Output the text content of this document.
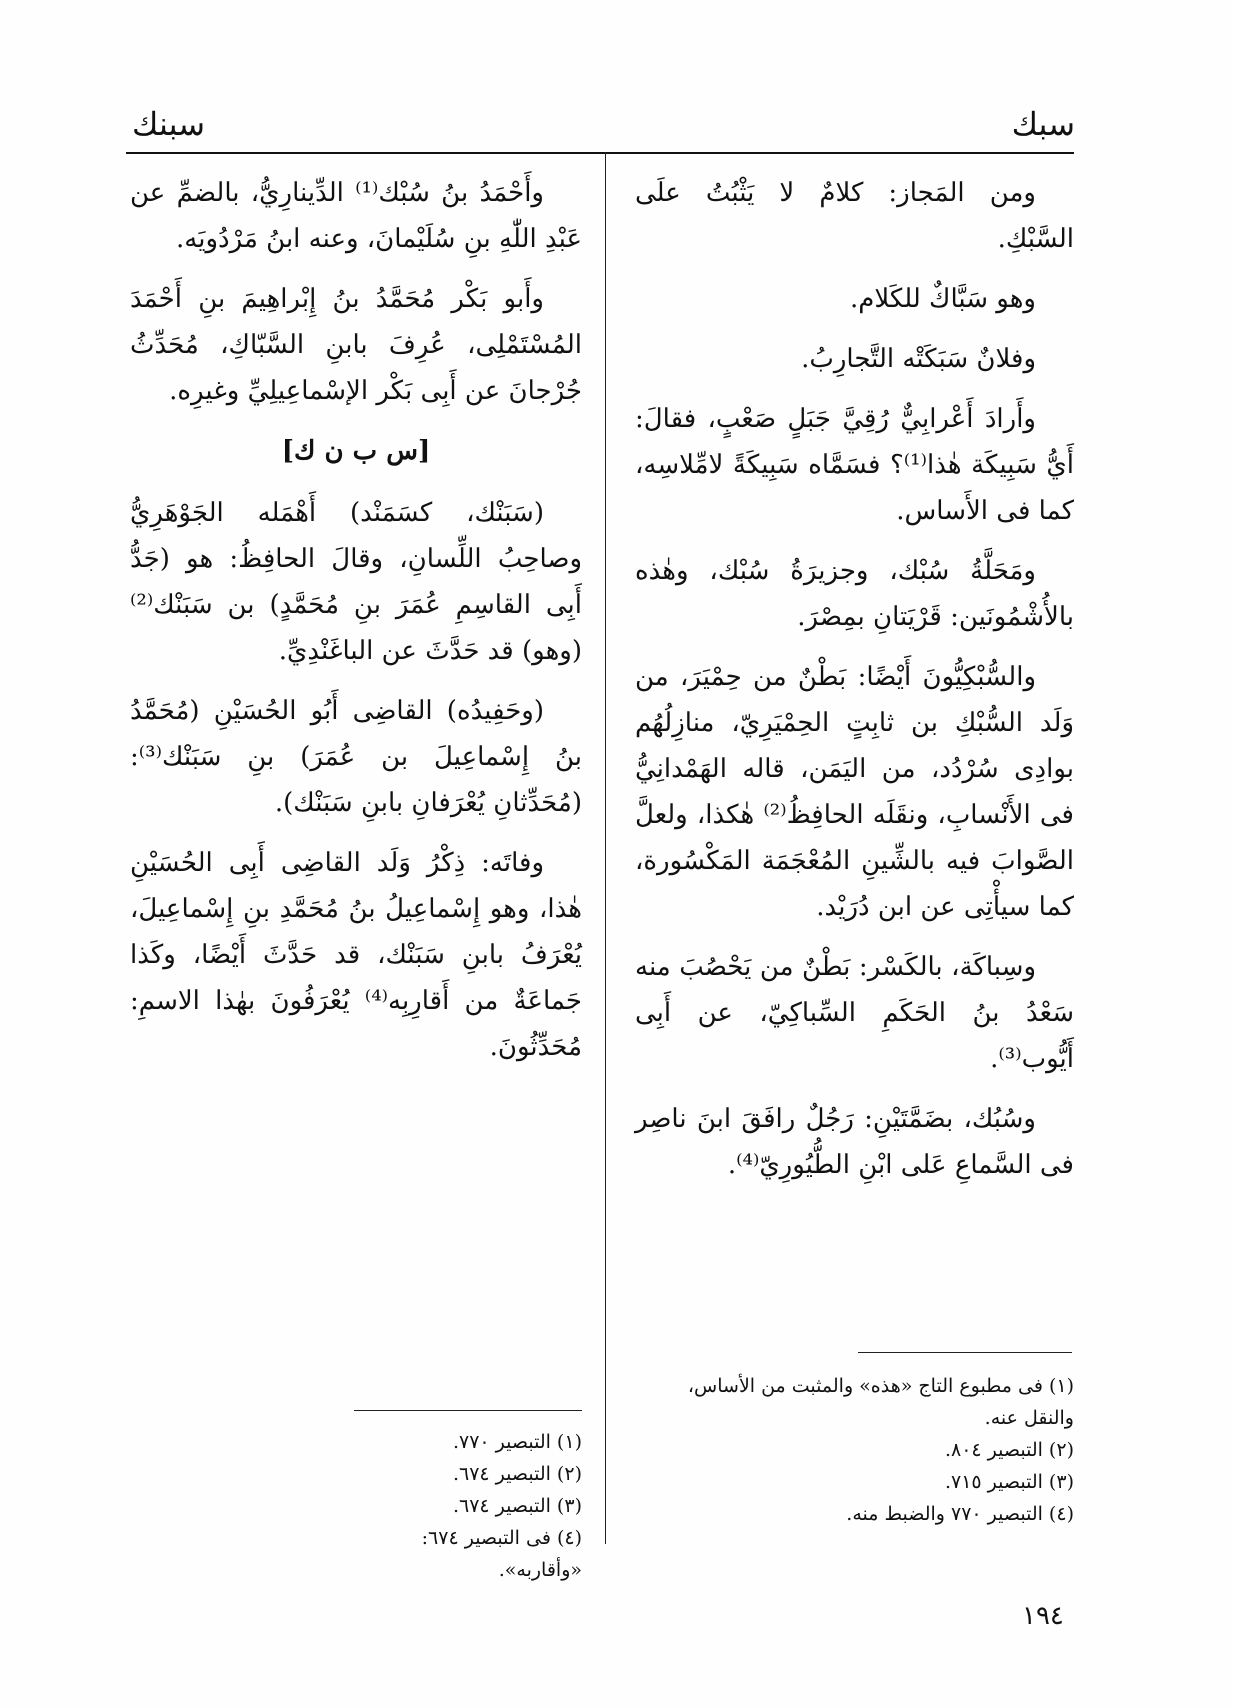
سبك
سبنك

ومن المَجاز: كلامٌ لا يَثْبُتُ علَى السَّبْكِ.

وهو سَبَّاكٌ للكَلام.

وفلانٌ سَبَكَتْه التَّجارِبُ.

وأَرادَ أَعْرابِيٌّ رُقِيَّ جَبَلٍ صَعْبٍ، فقالَ: أَيُّ سَبِيكَة هٰذا⁽¹⁾؟ فسَمَّاه سَبِيكَةً لامِّلاسِه، كما فى الأَساس.

ومَحَلَّةُ سُبْك، وجزيرَةُ سُبْك، وهٰذه بالأُشْمُونَين: قَرْيَتانِ بمِصْرَ.

والسُّبْكِيُّونَ أَيْضًا: بَطْنٌ من حِمْيَرَ، من وَلَد السُّبْكِ بن ثابِتٍ الحِمْيَرِيّ، منازِلُهُم بوادِى سُرْدُد، من اليَمَن، قاله الهَمْدانِيُّ فى الأَنْسابِ، ونقَلَه الحافِظُ⁽²⁾ هٰكذا، ولعلَّ الصَّوابَ فيه بالشِّينِ المُعْجَمَة المَكْسُورة، كما سيأْتِى عن ابن دُرَيْد.

وسِباكَة، بالكَسْر: بَطْنٌ من يَحْصُبَ منه سَعْدُ بنُ الحَكَمِ السِّباكِيّ، عن أَبِى أَيُّوب⁽³⁾.

وسُبُك، بضَمَّتَيْنِ: رَجُلٌ رافَقَ ابنَ ناصِر فى السَّماعِ عَلى ابْنِ الطُّيُورِيّ⁽⁴⁾.

وأَحْمَدُ بنُ سُبْك⁽¹⁾ الدِّينارِيُّ، بالضمِّ عن عَبْدِ اللّٰهِ بنِ سُلَيْمانَ، وعنه ابنُ مَرْدُويَه.

وأَبو بَكْر مُحَمَّدُ بنُ إِبْراهِيمَ بنِ أَحْمَدَ المُسْتَمْلِى، عُرِفَ بابنِ السَّبّاكِ، مُحَدِّثُ جُرْجانَ عن أَبِى بَكْر الإسْماعِيلِيِّ وغيرِه.

[س ب ن ك]

(سَبَنْك، كسَمَنْد) أَهْمَله الجَوْهَرِيُّ وصاحِبُ اللِّسانِ، وقالَ الحافِظُ: هو (جَدُّ أَبِى القاسِمِ عُمَرَ بنِ مُحَمَّدٍ) بن سَبَنْك⁽²⁾ (وهو) قد حَدَّثَ عن الباغَنْدِيِّ.

(وحَفِيدُه) القاضِى أَبُو الحُسَيْنِ (مُحَمَّدُ بنُ إِسْماعِيلَ بن عُمَرَ) بنِ سَبَنْك⁽³⁾: (مُحَدِّثانِ يُعْرَفانِ بابنِ سَبَنْك).

وفاتَه: ذِكْرُ وَلَد القاضِى أَبِى الحُسَيْنِ هٰذا، وهو إِسْماعِيلُ بنُ مُحَمَّدِ بنِ إِسْماعِيلَ، يُعْرَفُ بابنِ سَبَنْك، قد حَدَّثَ أَيْضًا، وكَذا جَماعَةٌ من أَقارِبِه⁽⁴⁾ يُعْرَفُونَ بهٰذا الاسمِ: مُحَدِّثُونَ.

(١) فى مطبوع التاج «هذه» والمثبت من الأساس، والنقل عنه.
(٢) التبصير ٨٠٤.
(٣) التبصير ٧١٥.
(٤) التبصير ٧٧٠ والضبط منه.
(١) التبصير ٧٧٠.
(٢) التبصير ٦٧٤.
(٣) التبصير ٦٧٤.
(٤) فى التبصير ٦٧٤: «وأقاربه».
١٩٤
